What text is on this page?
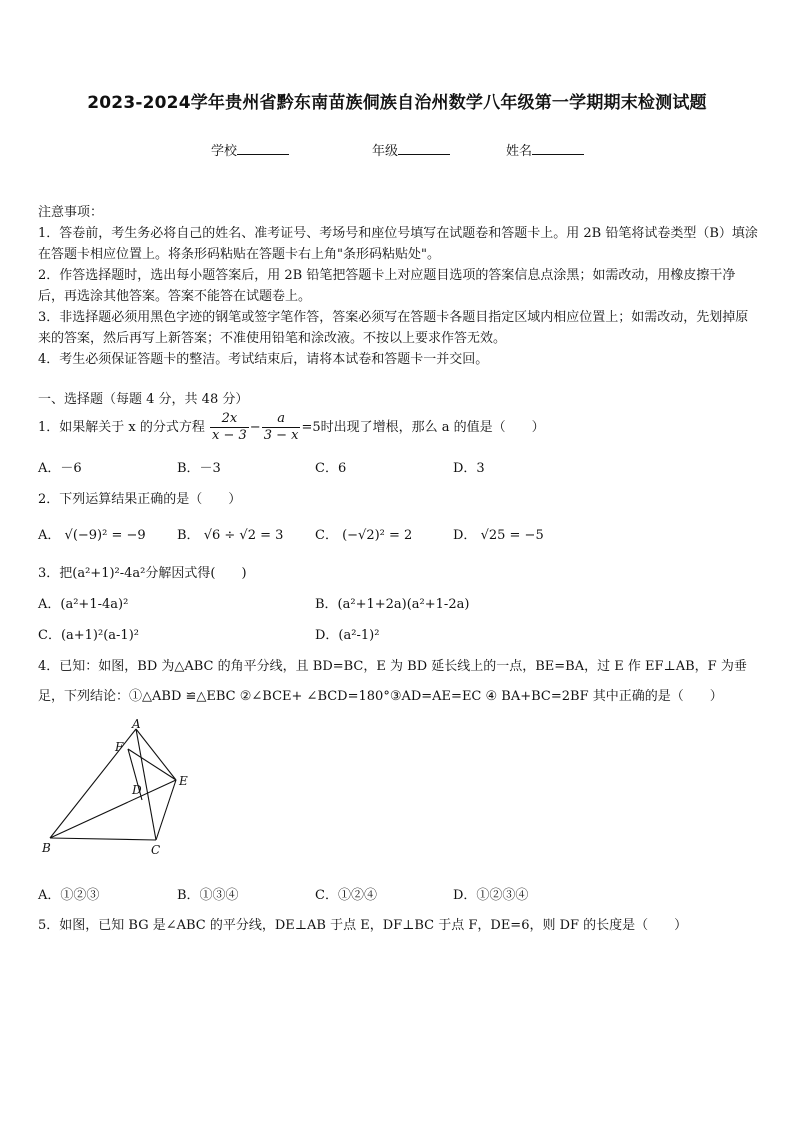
2023-2024学年贵州省黔东南苗族侗族自治州数学八年级第一学期期末检测试题
学校	年级	姓名

注意事项：

1．答卷前，考生务必将自己的姓名、准考证号、考场号和座位号填写在试题卷和答题卡上。用 2B 铅笔将试卷类型（B）填涂在答题卡相应位置上。将条形码粘贴在答题卡右上角"条形码粘贴处"。

2．作答选择题时，选出每小题答案后，用 2B 铅笔把答题卡上对应题目选项的答案信息点涂黑；如需改动，用橡皮擦干净后，再选涂其他答案。答案不能答在试题卷上。

3．非选择题必须用黑色字迹的钢笔或签字笔作答，答案必须写在答题卡各题目指定区域内相应位置上；如需改动，先划掉原来的答案，然后再写上新答案；不准使用铅笔和涂改液。不按以上要求作答无效。

4．考生必须保证答题卡的整洁。考试结束后，请将本试卷和答题卡一并交回。

一、选择题（每题 4 分，共 48 分）
1．如果解关于 x 的分式方程 $\frac{2x}{x - 3} - \frac{a}{3 - x} =5$时出现了增根，那么 a 的值是（　　）
A．－6	B．－3	C．6	D．3
2．下列运算结果正确的是（　　）
A． √(−9)² = −9 B． √6 ÷ √2 = 3 C． (−√2)² = 2	D． √25 = −5
3．把(a²+1)²-4a²分解因式得(　　)
A．(a²+1-4a)²	B．(a²+1+2a)(a²+1-2a)
C．(a+1)²(a-1)²	D．(a²-1)²
4．已知：如图，BD 为△ABC 的角平分线，且 BD=BC，E 为 BD 延长线上的一点，BE=BA，过 E 作 EF⊥AB，F 为垂
足，下列结论：①△ABD ≌△EBC ②∠BCE+ ∠BCD=180°③AD=AE=EC ④ BA+BC=2BF 其中正确的是（　　）
A
B	C
D
E
F
A．①②③	B．①③④	C．①②④	D．①②③④
5．如图，已知 BG 是∠ABC 的平分线，DE⊥AB 于点 E，DF⊥BC 于点 F，DE=6，则 DF 的长度是（　　）
